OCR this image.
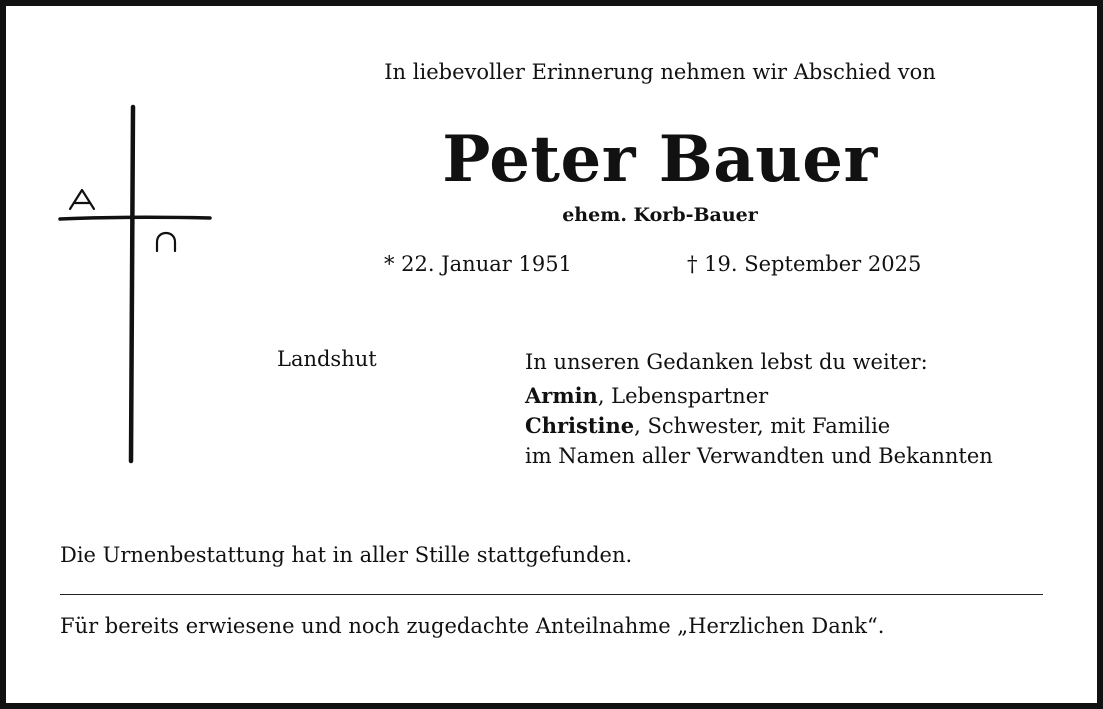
In liebevoller Erinnerung nehmen wir Abschied von
Peter Bauer
ehem. Korb-Bauer
* 22. Januar 1951	† 19. September 2025
Landshut	In unseren Gedanken lebst du weiter:
Armin, Lebenspartner
Christine, Schwester, mit Familie
im Namen aller Verwandten und Bekannten
Die Urnenbestattung hat in aller Stille stattgefunden.
Für bereits erwiesene und noch zugedachte Anteilnahme „Herzlichen Dank“.
